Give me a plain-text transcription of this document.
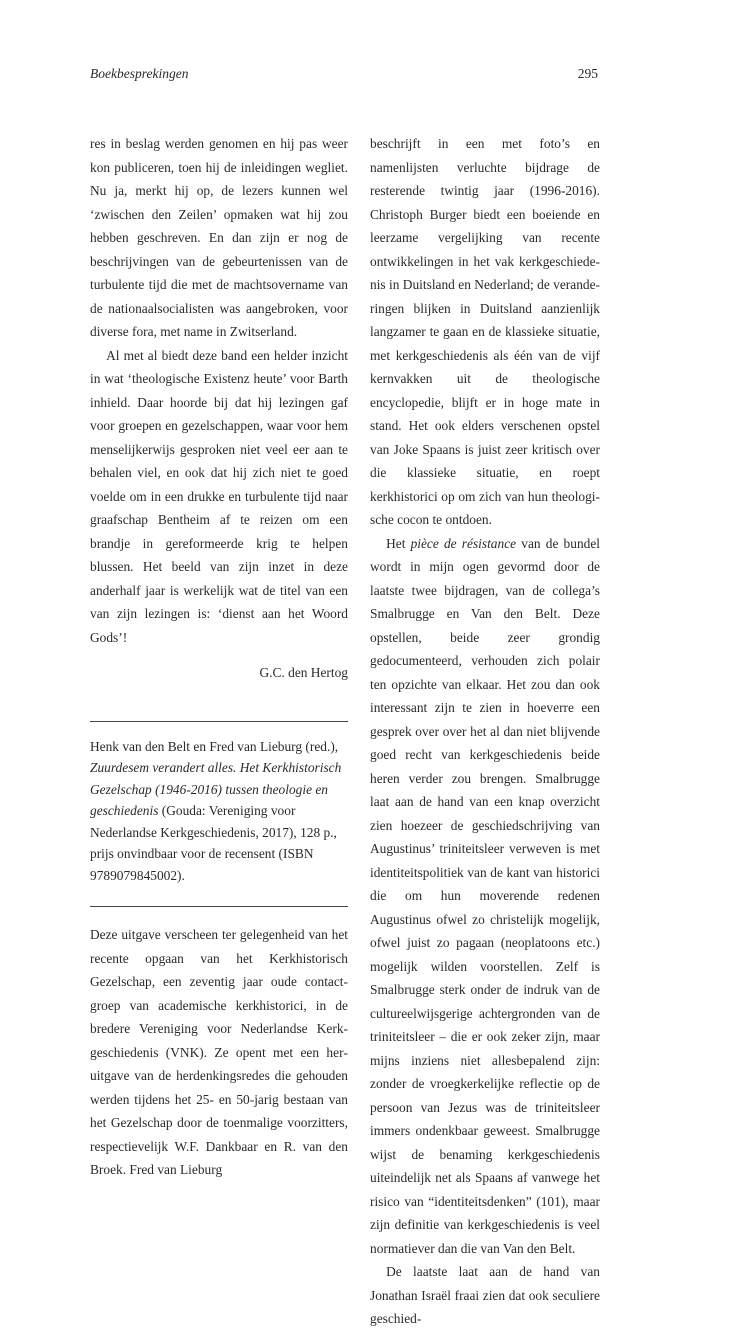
Boekbesprekingen	295

res in beslag werden genomen en hij pas weer kon publiceren, toen hij de inleidingen wegliet. Nu ja, merkt hij op, de lezers kunnen wel ‘zwischen den Zeilen’ opmaken wat hij zou hebben geschreven. En dan zijn er nog de beschrijvingen van de gebeurtenissen van de turbulente tijd die met de machtsovername van de nationaalsocialisten was aangebroken, voor diverse fora, met name in Zwitserland.

Al met al biedt deze band een helder inzicht in wat ‘theologische Existenz heute’ voor Barth inhield. Daar hoorde bij dat hij lezingen gaf voor groepen en gezelschappen, waar voor hem menselijkerwijs gesproken niet veel eer aan te behalen viel, en ook dat hij zich niet te goed voelde om in een drukke en turbulente tijd naar graafschap Bentheim af te reizen om een brandje in gereformeerde krig te helpen blussen. Het beeld van zijn inzet in deze anderhalf jaar is werkelijk wat de titel van een van zijn lezingen is: ‘dienst aan het Woord Gods’!

G.C. den Hertog

Henk van den Belt en Fred van Lieburg (red.), Zuurdesem verandert alles. Het Kerkhistorisch Gezelschap (1946-2016) tussen theologie en geschiedenis (Gouda: Vereniging voor Nederlandse Kerkgeschiedenis, 2017), 128 p., prijs onvindbaar voor de recensent (ISBN 9789079845002).

Deze uitgave verscheen ter gelegenheid van het recente opgaan van het Kerkhistorisch Gezelschap, een zeventig jaar oude contactgroep van academische kerkhistorici, in de bredere Vereniging voor Nederlandse Kerkgeschiedenis (VNK). Ze opent met een heruitgave van de herdenkingsredes die gehouden werden tijdens het 25- en 50-jarig bestaan van het Gezelschap door de toenmalige voorzitters, respectievelijk W.F. Dankbaar en R. van den Broek. Fred van Lieburg

beschrijft in een met foto’s en namenlijsten verluchte bijdrage de resterende twintig jaar (1996-2016). Christoph Burger biedt een boeiende en leerzame vergelijking van recente ontwikkelingen in het vak kerkgeschiedenis in Duitsland en Nederland; de veranderingen blijken in Duitsland aanzienlijk langzamer te gaan en de klassieke situatie, met kerkgeschiedenis als één van de vijf kernvakken uit de theologische encyclopedie, blijft er in hoge mate in stand. Het ook elders verschenen opstel van Joke Spaans is juist zeer kritisch over die klassieke situatie, en roept kerkhistorici op om zich van hun theologische cocon te ontdoen.

Het pièce de résistance van de bundel wordt in mijn ogen gevormd door de laatste twee bijdragen, van de collega’s Smalbrugge en Van den Belt. Deze opstellen, beide zeer grondig gedocumenteerd, verhouden zich polair ten opzichte van elkaar. Het zou dan ook interessant zijn te zien in hoeverre een gesprek over over het al dan niet blijvende goed recht van kerkgeschiedenis beide heren verder zou brengen. Smalbrugge laat aan de hand van een knap overzicht zien hoezeer de geschiedschrijving van Augustinus’ triniteitsleer verweven is met identiteitspolitiek van de kant van historici die om hun moverende redenen Augustinus ofwel zo christelijk mogelijk, ofwel juist zo pagaan (neoplatoons etc.) mogelijk wilden voorstellen. Zelf is Smalbrugge sterk onder de indruk van de cultureelwijsgerige achtergronden van de triniteitsleer – die er ook zeker zijn, maar mijns inziens niet allesbepalend zijn: zonder de vroegkerkelijke reflectie op de persoon van Jezus was de triniteitsleer immers ondenkbaar geweest. Smalbrugge wijst de benaming kerkgeschiedenis uiteindelijk net als Spaans af vanwege het risico van “identiteitsdenken” (101), maar zijn definitie van kerkgeschiedenis is veel normatiever dan die van Van den Belt.

De laatste laat aan de hand van Jonathan Israël fraai zien dat ook seculiere geschied-
